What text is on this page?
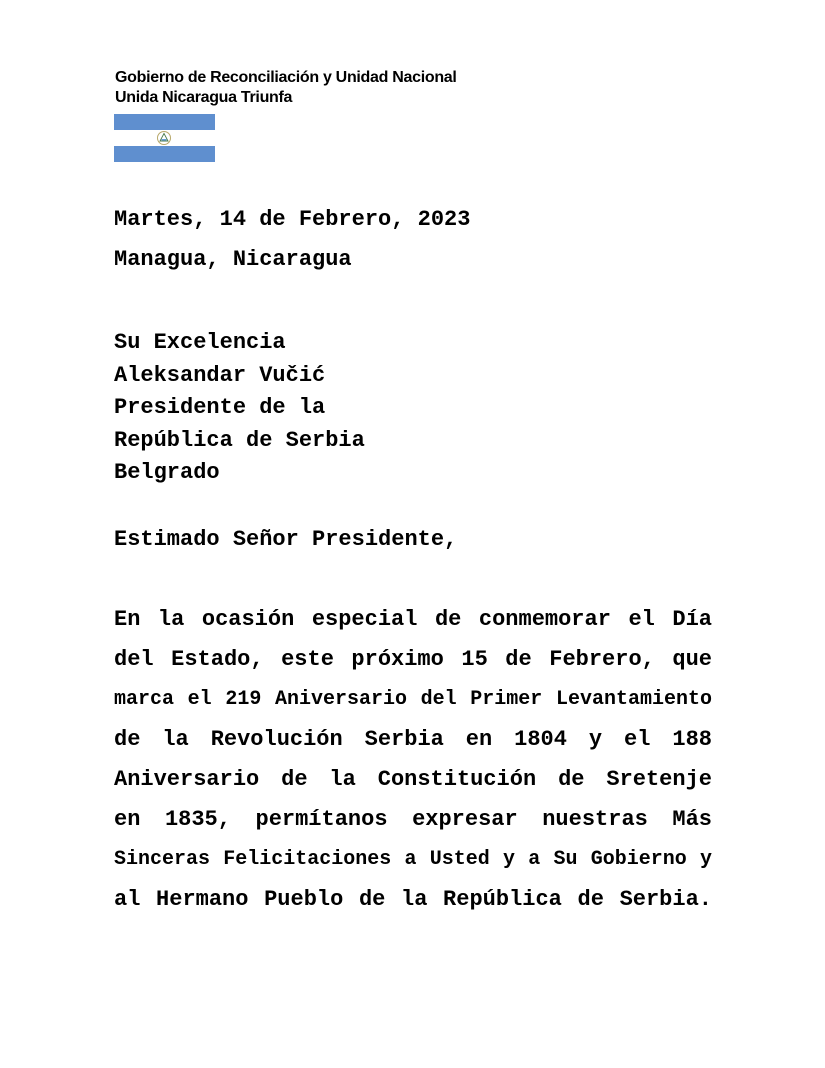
Gobierno de Reconciliación y Unidad Nacional
Unida Nicaragua Triunfa
Martes, 14 de Febrero, 2023
Managua, Nicaragua
Su Excelencia
Aleksandar Vučić
Presidente de la
República de Serbia
Belgrado
Estimado Señor Presidente,
En la ocasión especial de conmemorar el Día
del Estado, este próximo 15 de Febrero, que
marca el 219 Aniversario del Primer Levantamiento
de la Revolución Serbia en 1804 y el 188
Aniversario de la Constitución de Sretenje
en 1835, permítanos expresar nuestras Más
Sinceras Felicitaciones a Usted y a Su Gobierno y
al Hermano Pueblo de la República de Serbia.
